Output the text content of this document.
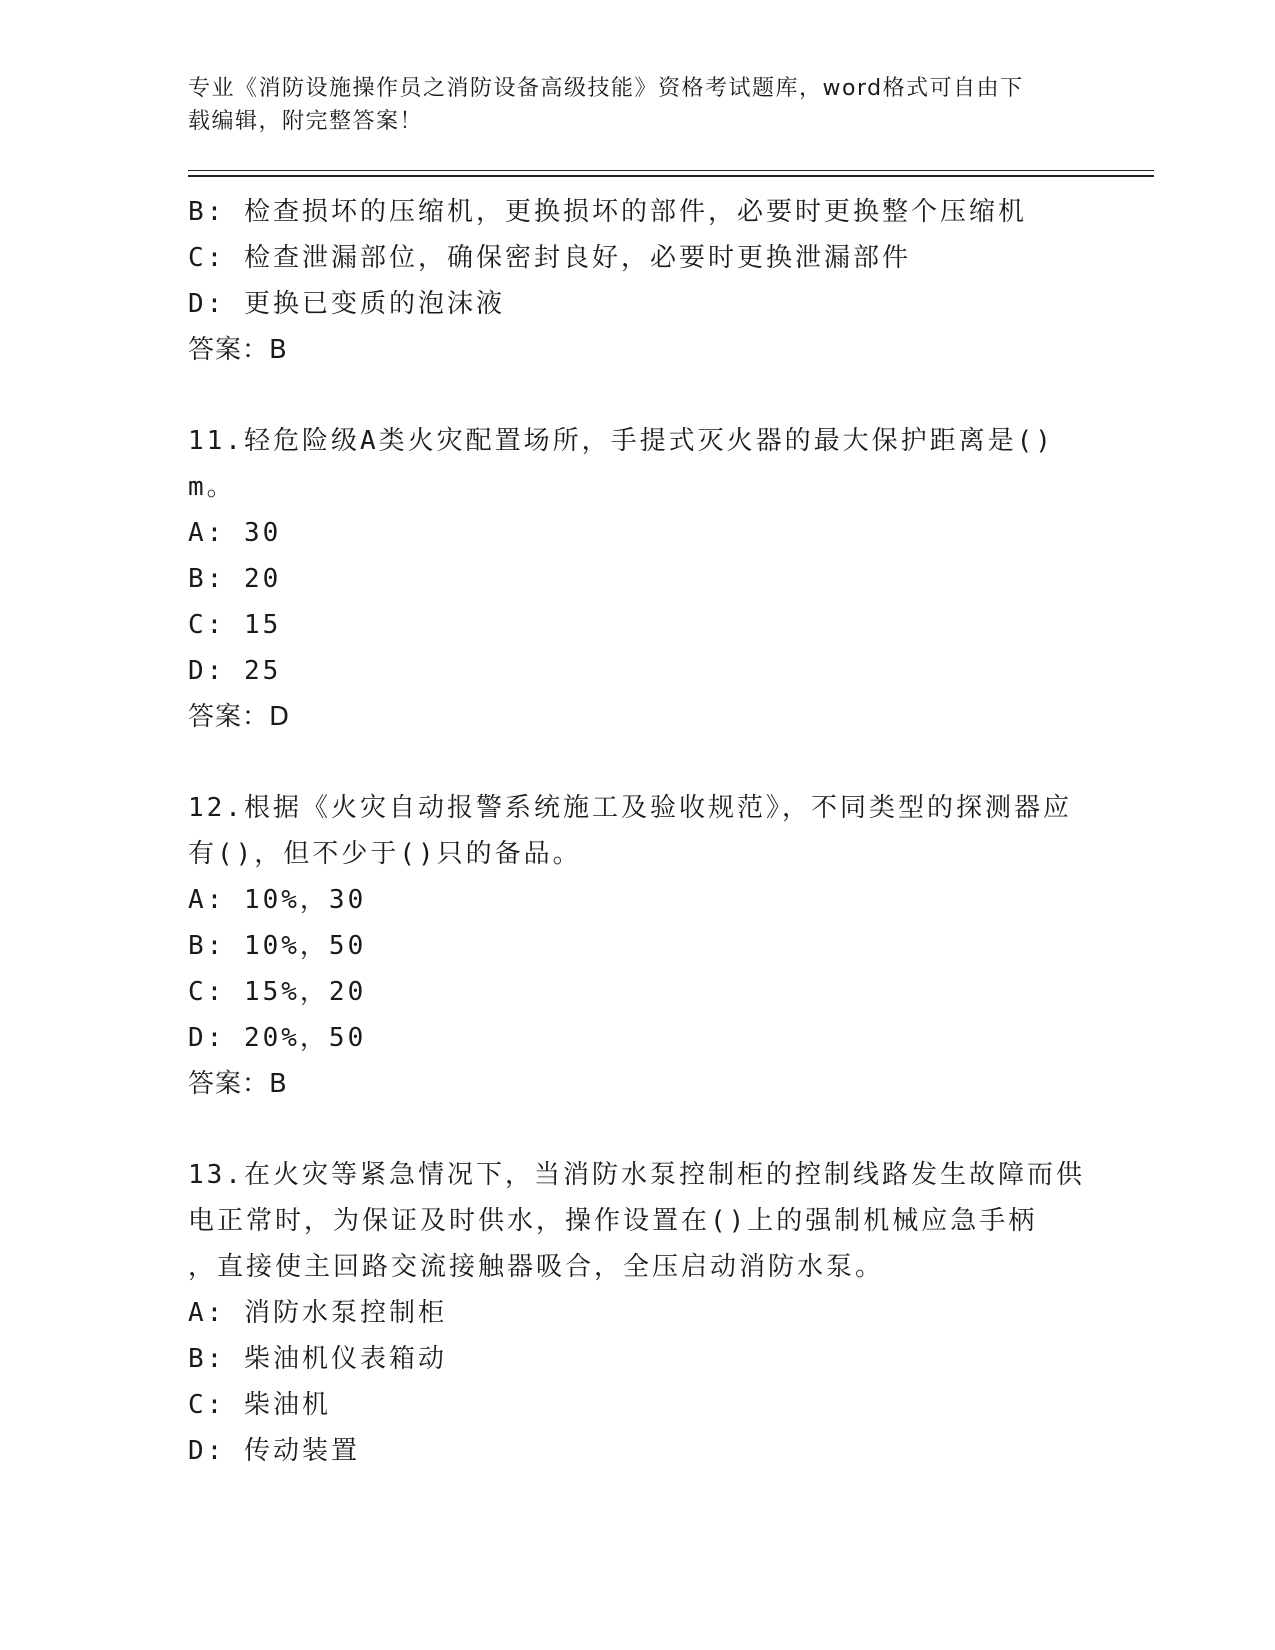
专业《消防设施操作员之消防设备高级技能》资格考试题库，word格式可自由下
载编辑，附完整答案！
B: 检查损坏的压缩机，更换损坏的部件，必要时更换整个压缩机
C: 检查泄漏部位，确保密封良好，必要时更换泄漏部件
D: 更换已变质的泡沫液
答案：B
11.轻危险级A类火灾配置场所，手提式灭火器的最大保护距离是()
m。
A: 30
B: 20
C: 15
D: 25
答案：D
12.根据《火灾自动报警系统施工及验收规范》，不同类型的探测器应
有()，但不少于()只的备品。
A: 10%，30
B: 10%，50
C: 15%，20
D: 20%，50
答案：B
13.在火灾等紧急情况下，当消防水泵控制柜的控制线路发生故障而供
电正常时，为保证及时供水，操作设置在()上的强制机械应急手柄
，直接使主回路交流接触器吸合，全压启动消防水泵。
A: 消防水泵控制柜
B: 柴油机仪表箱动
C: 柴油机
D: 传动装置
